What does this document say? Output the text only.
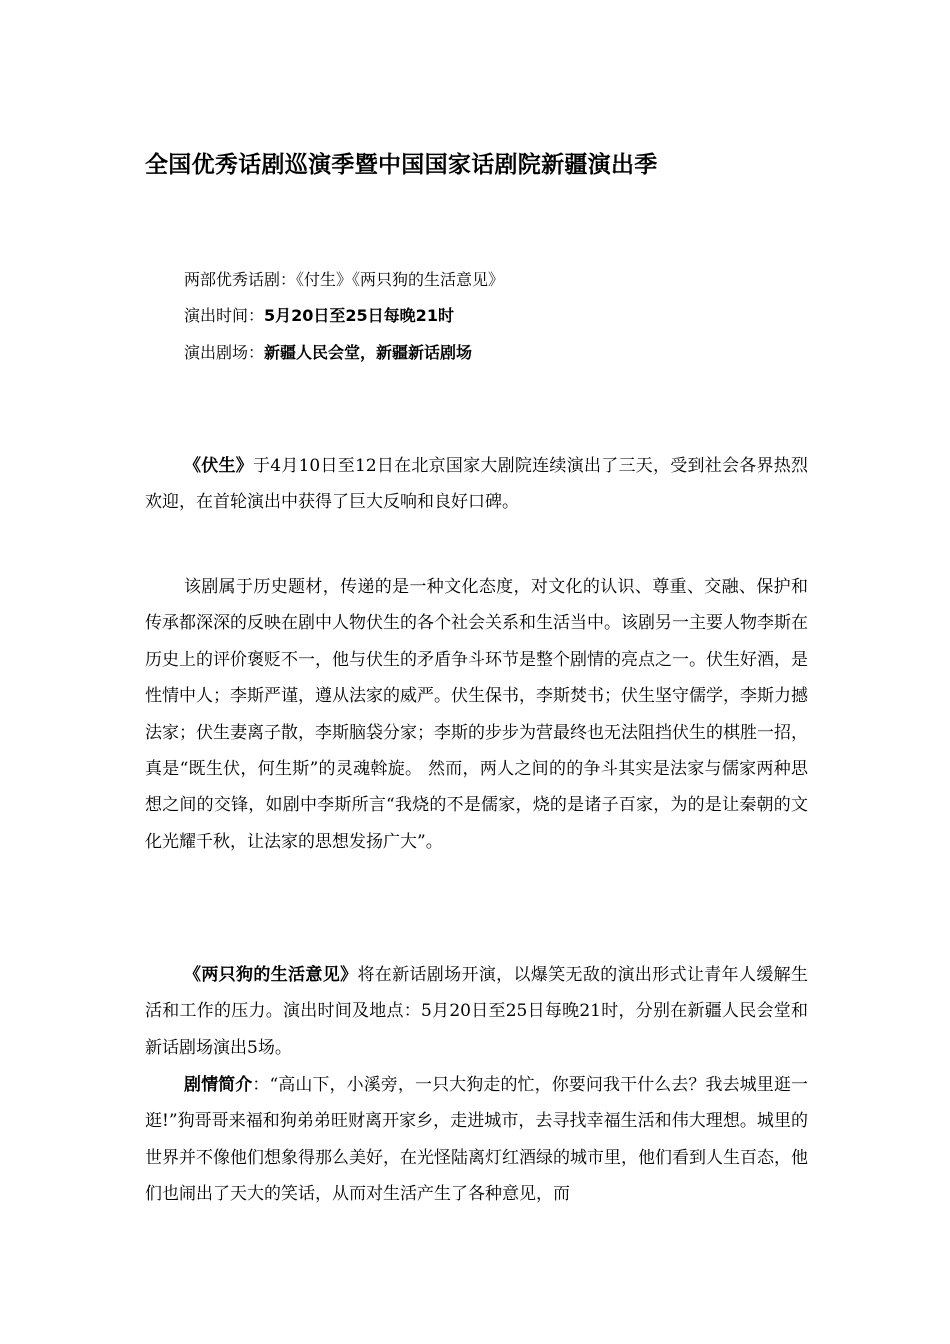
全国优秀话剧巡演季暨中国国家话剧院新疆演出季
两部优秀话剧：《付生》《两只狗的生活意见》
演出时间：5月20日至25日每晚21时
演出剧场：新疆人民会堂，新疆新话剧场

《伏生》于4月10日至12日在北京国家大剧院连续演出了三天，受到社会各界热烈欢迎，在首轮演出中获得了巨大反响和良好口碑。

该剧属于历史题材，传递的是一种文化态度，对文化的认识、尊重、交融、保护和传承都深深的反映在剧中人物伏生的各个社会关系和生活当中。该剧另一主要人物李斯在历史上的评价褒贬不一，他与伏生的矛盾争斗环节是整个剧情的亮点之一。伏生好酒，是性情中人；李斯严谨，遵从法家的威严。伏生保书，李斯焚书；伏生坚守儒学，李斯力撼法家；伏生妻离子散，李斯脑袋分家；李斯的步步为营最终也无法阻挡伏生的棋胜一招，真是“既生伏，何生斯”的灵魂斡旋。 然而，两人之间的的争斗其实是法家与儒家两种思想之间的交锋，如剧中李斯所言“我烧的不是儒家，烧的是诸子百家，为的是让秦朝的文化光耀千秋，让法家的思想发扬广大”。

《两只狗的生活意见》将在新话剧场开演，以爆笑无敌的演出形式让青年人缓解生活和工作的压力。演出时间及地点：5月20日至25日每晚21时，分别在新疆人民会堂和新话剧场演出5场。

剧情简介：“高山下，小溪旁，一只大狗走的忙，你要问我干什么去？我去城里逛一逛!”狗哥哥来福和狗弟弟旺财离开家乡，走进城市，去寻找幸福生活和伟大理想。城里的世界并不像他们想象得那么美好，在光怪陆离灯红酒绿的城市里，他们看到人生百态，他们也闹出了天大的笑话，从而对生活产生了各种意见，而
